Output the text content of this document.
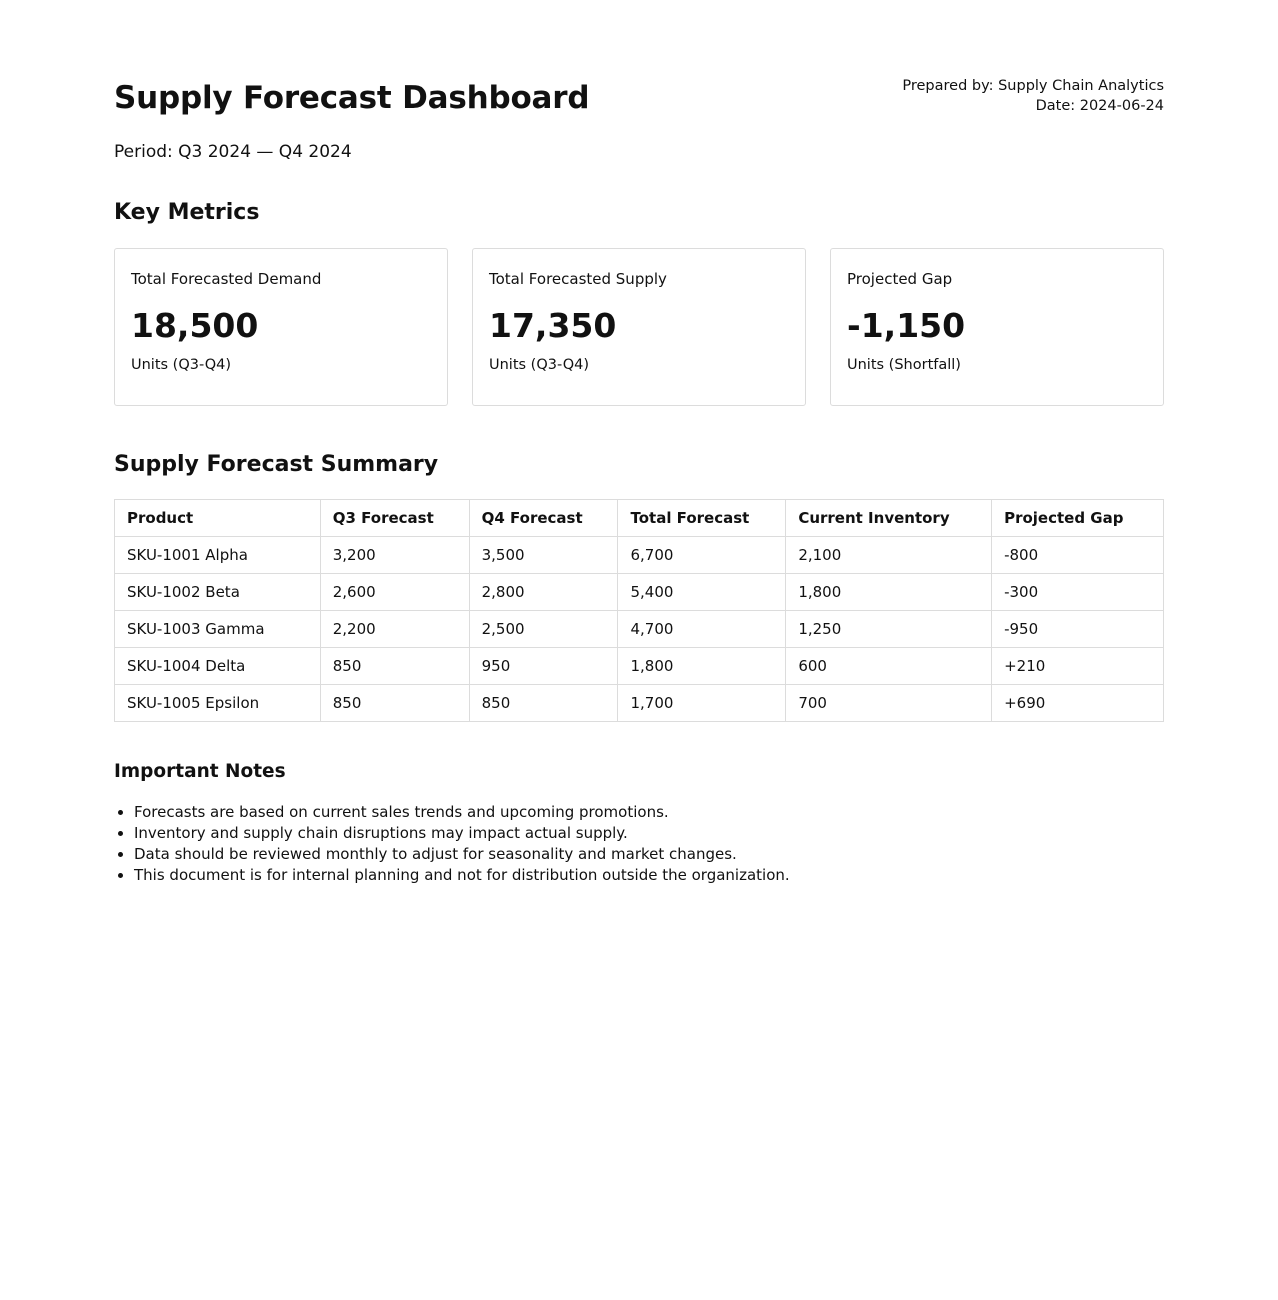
Supply Forecast Dashboard	Prepared by: Supply Chain Analytics
Date: 2024-06-24
Period: Q3 2024 — Q4 2024
Key Metrics
Total Forecasted Demand
18,500
Units (Q3-Q4)
Total Forecasted Supply
17,350
Units (Q3-Q4)
Projected Gap
-1,150
Units (Shortfall)
Supply Forecast Summary
Product	Q3 Forecast	Q4 Forecast	Total Forecast	Current Inventory	Projected Gap
SKU-1001 Alpha	3,200	3,500	6,700	2,100	-800
SKU-1002 Beta	2,600	2,800	5,400	1,800	-300
SKU-1003 Gamma	2,200	2,500	4,700	1,250	-950
SKU-1004 Delta	850	950	1,800	600	+210
SKU-1005 Epsilon	850	850	1,700	700	+690
Important Notes
• Forecasts are based on current sales trends and upcoming promotions.
• Inventory and supply chain disruptions may impact actual supply.
• Data should be reviewed monthly to adjust for seasonality and market changes.
• This document is for internal planning and not for distribution outside the organization.
